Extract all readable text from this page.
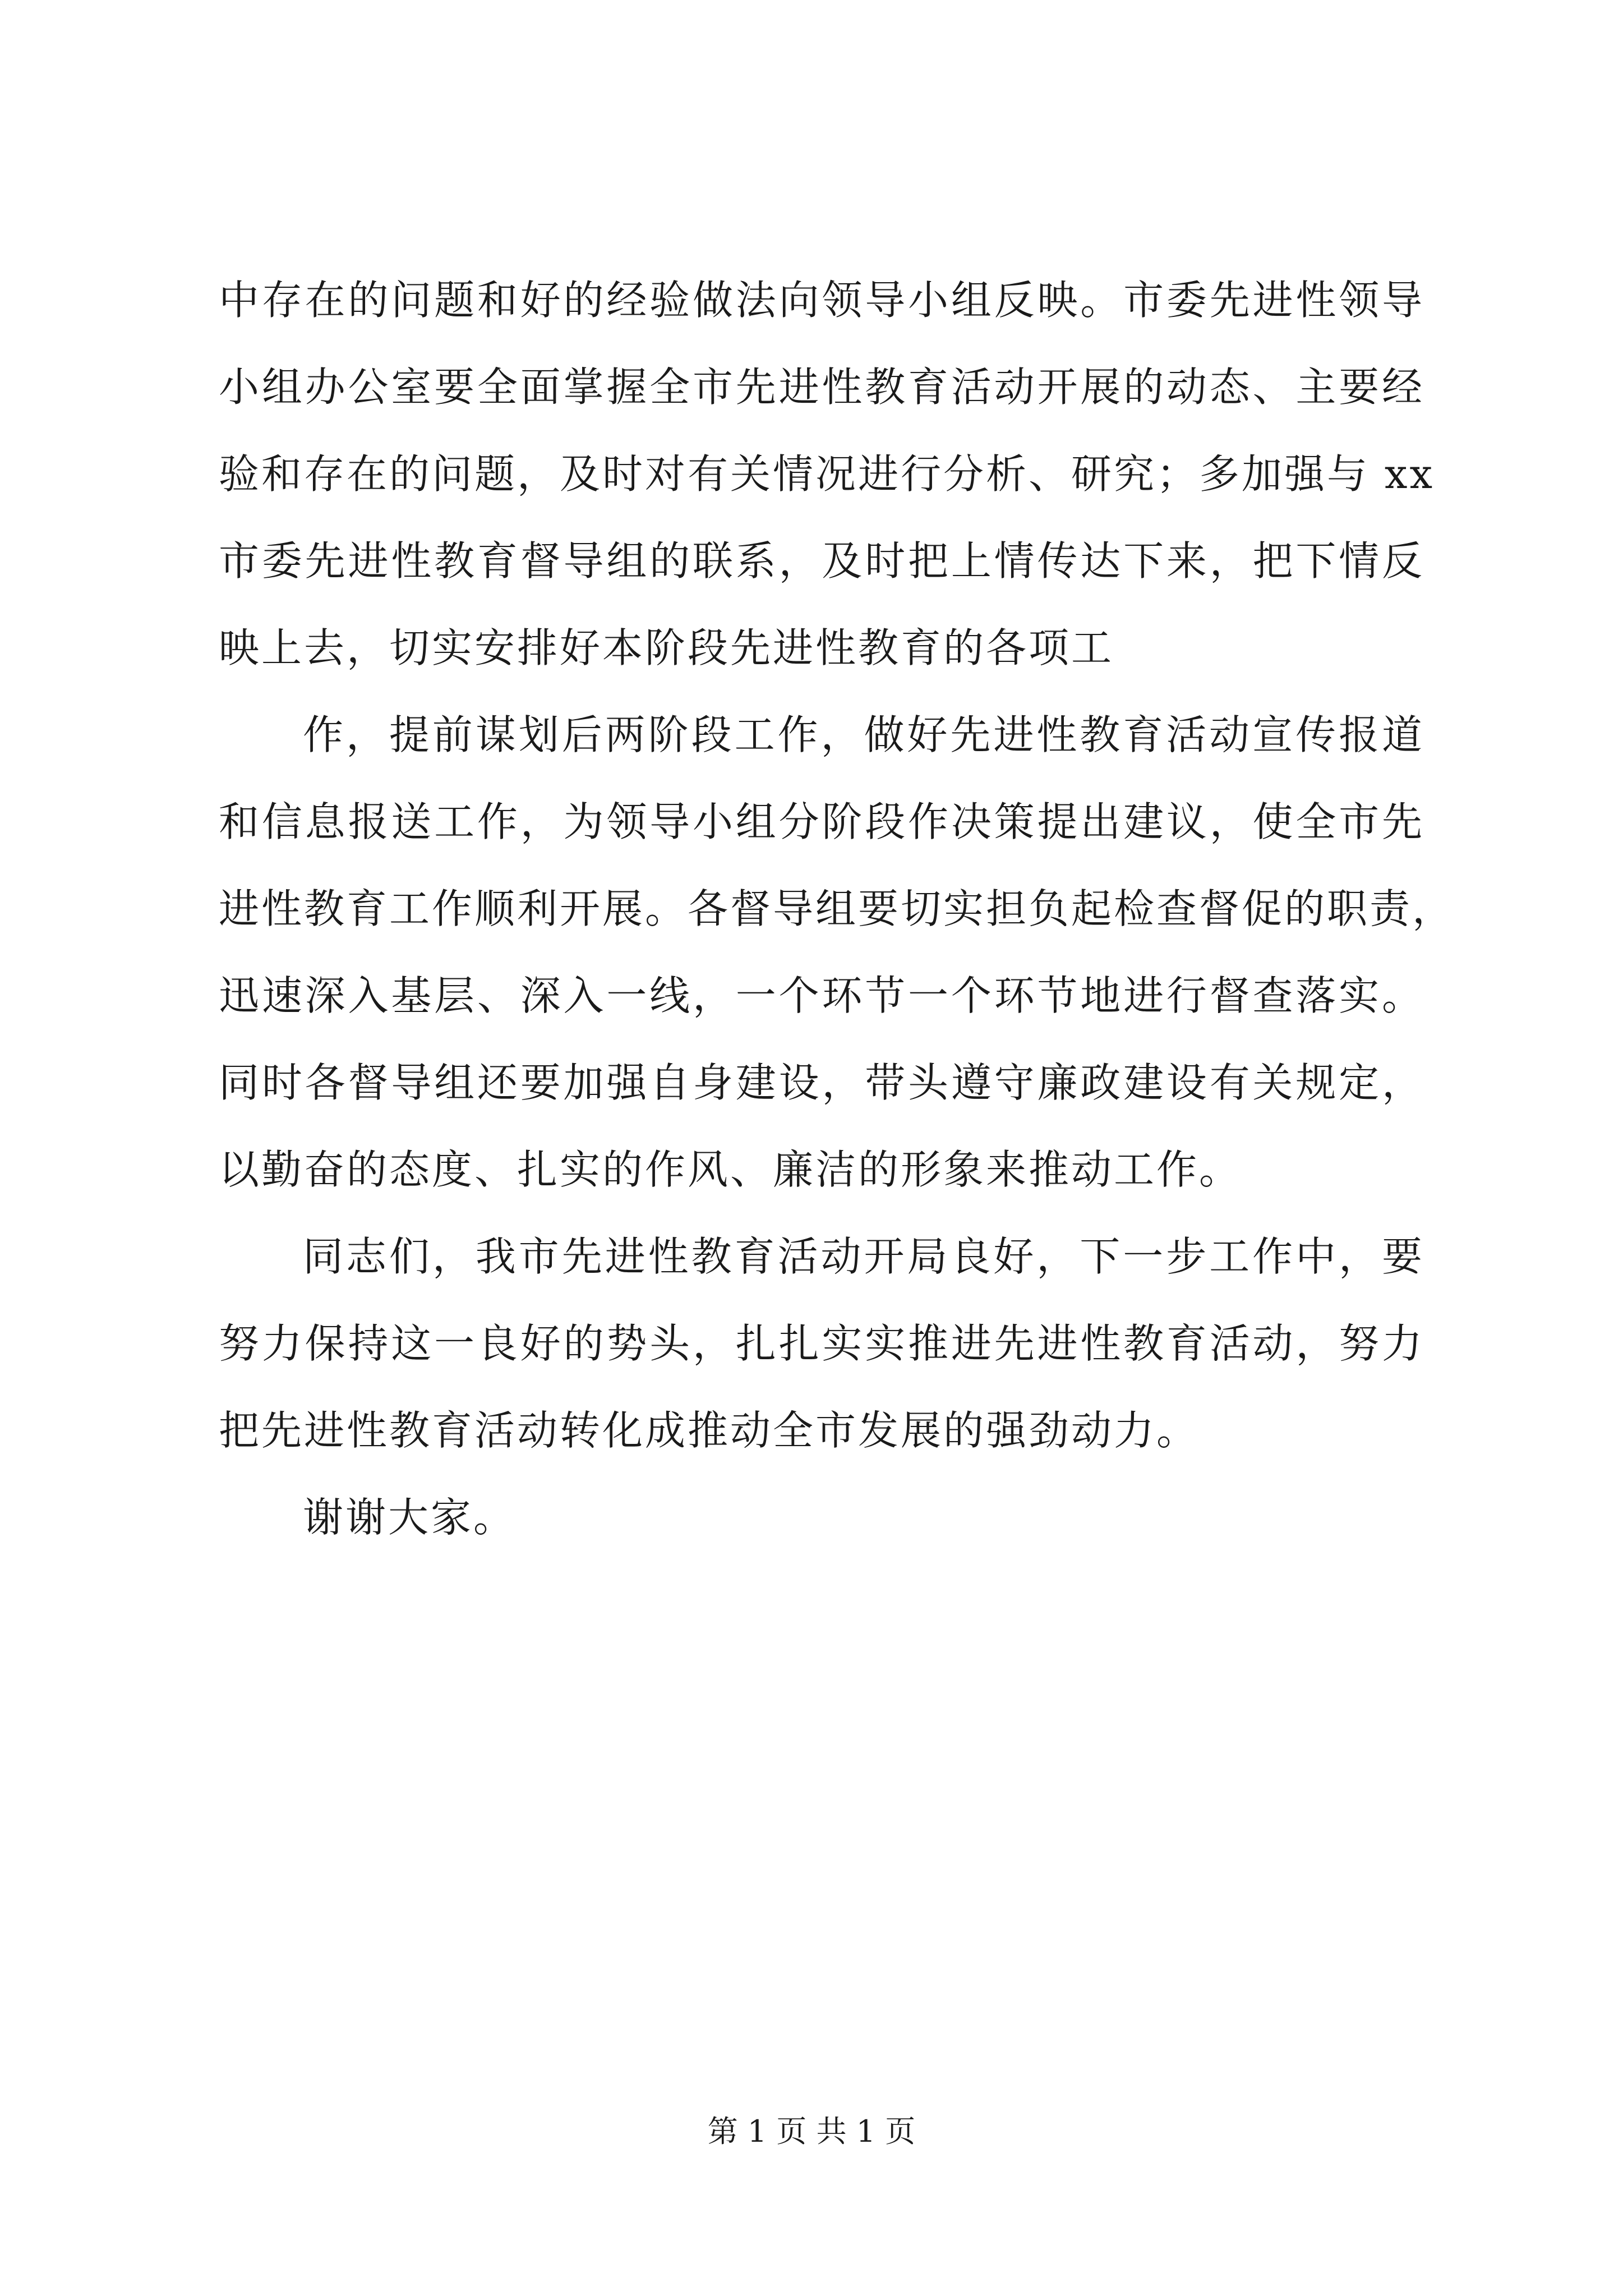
中存在的问题和好的经验做法向领导小组反映。市委先进性领导
小组办公室要全面掌握全市先进性教育活动开展的动态、主要经
验和存在的问题，及时对有关情况进行分析、研究；多加强与 xx
市委先进性教育督导组的联系，及时把上情传达下来，把下情反
映上去，切实安排好本阶段先进性教育的各项工
作，提前谋划后两阶段工作，做好先进性教育活动宣传报道
和信息报送工作，为领导小组分阶段作决策提出建议，使全市先
进性教育工作顺利开展。各督导组要切实担负起检查督促的职责，
迅速深入基层、深入一线，一个环节一个环节地进行督查落实。
同时各督导组还要加强自身建设，带头遵守廉政建设有关规定，
以勤奋的态度、扎实的作风、廉洁的形象来推动工作。
同志们，我市先进性教育活动开局良好，下一步工作中，要
努力保持这一良好的势头，扎扎实实推进先进性教育活动，努力
把先进性教育活动转化成推动全市发展的强劲动力。
谢谢大家。
第 1 页 共 1 页
